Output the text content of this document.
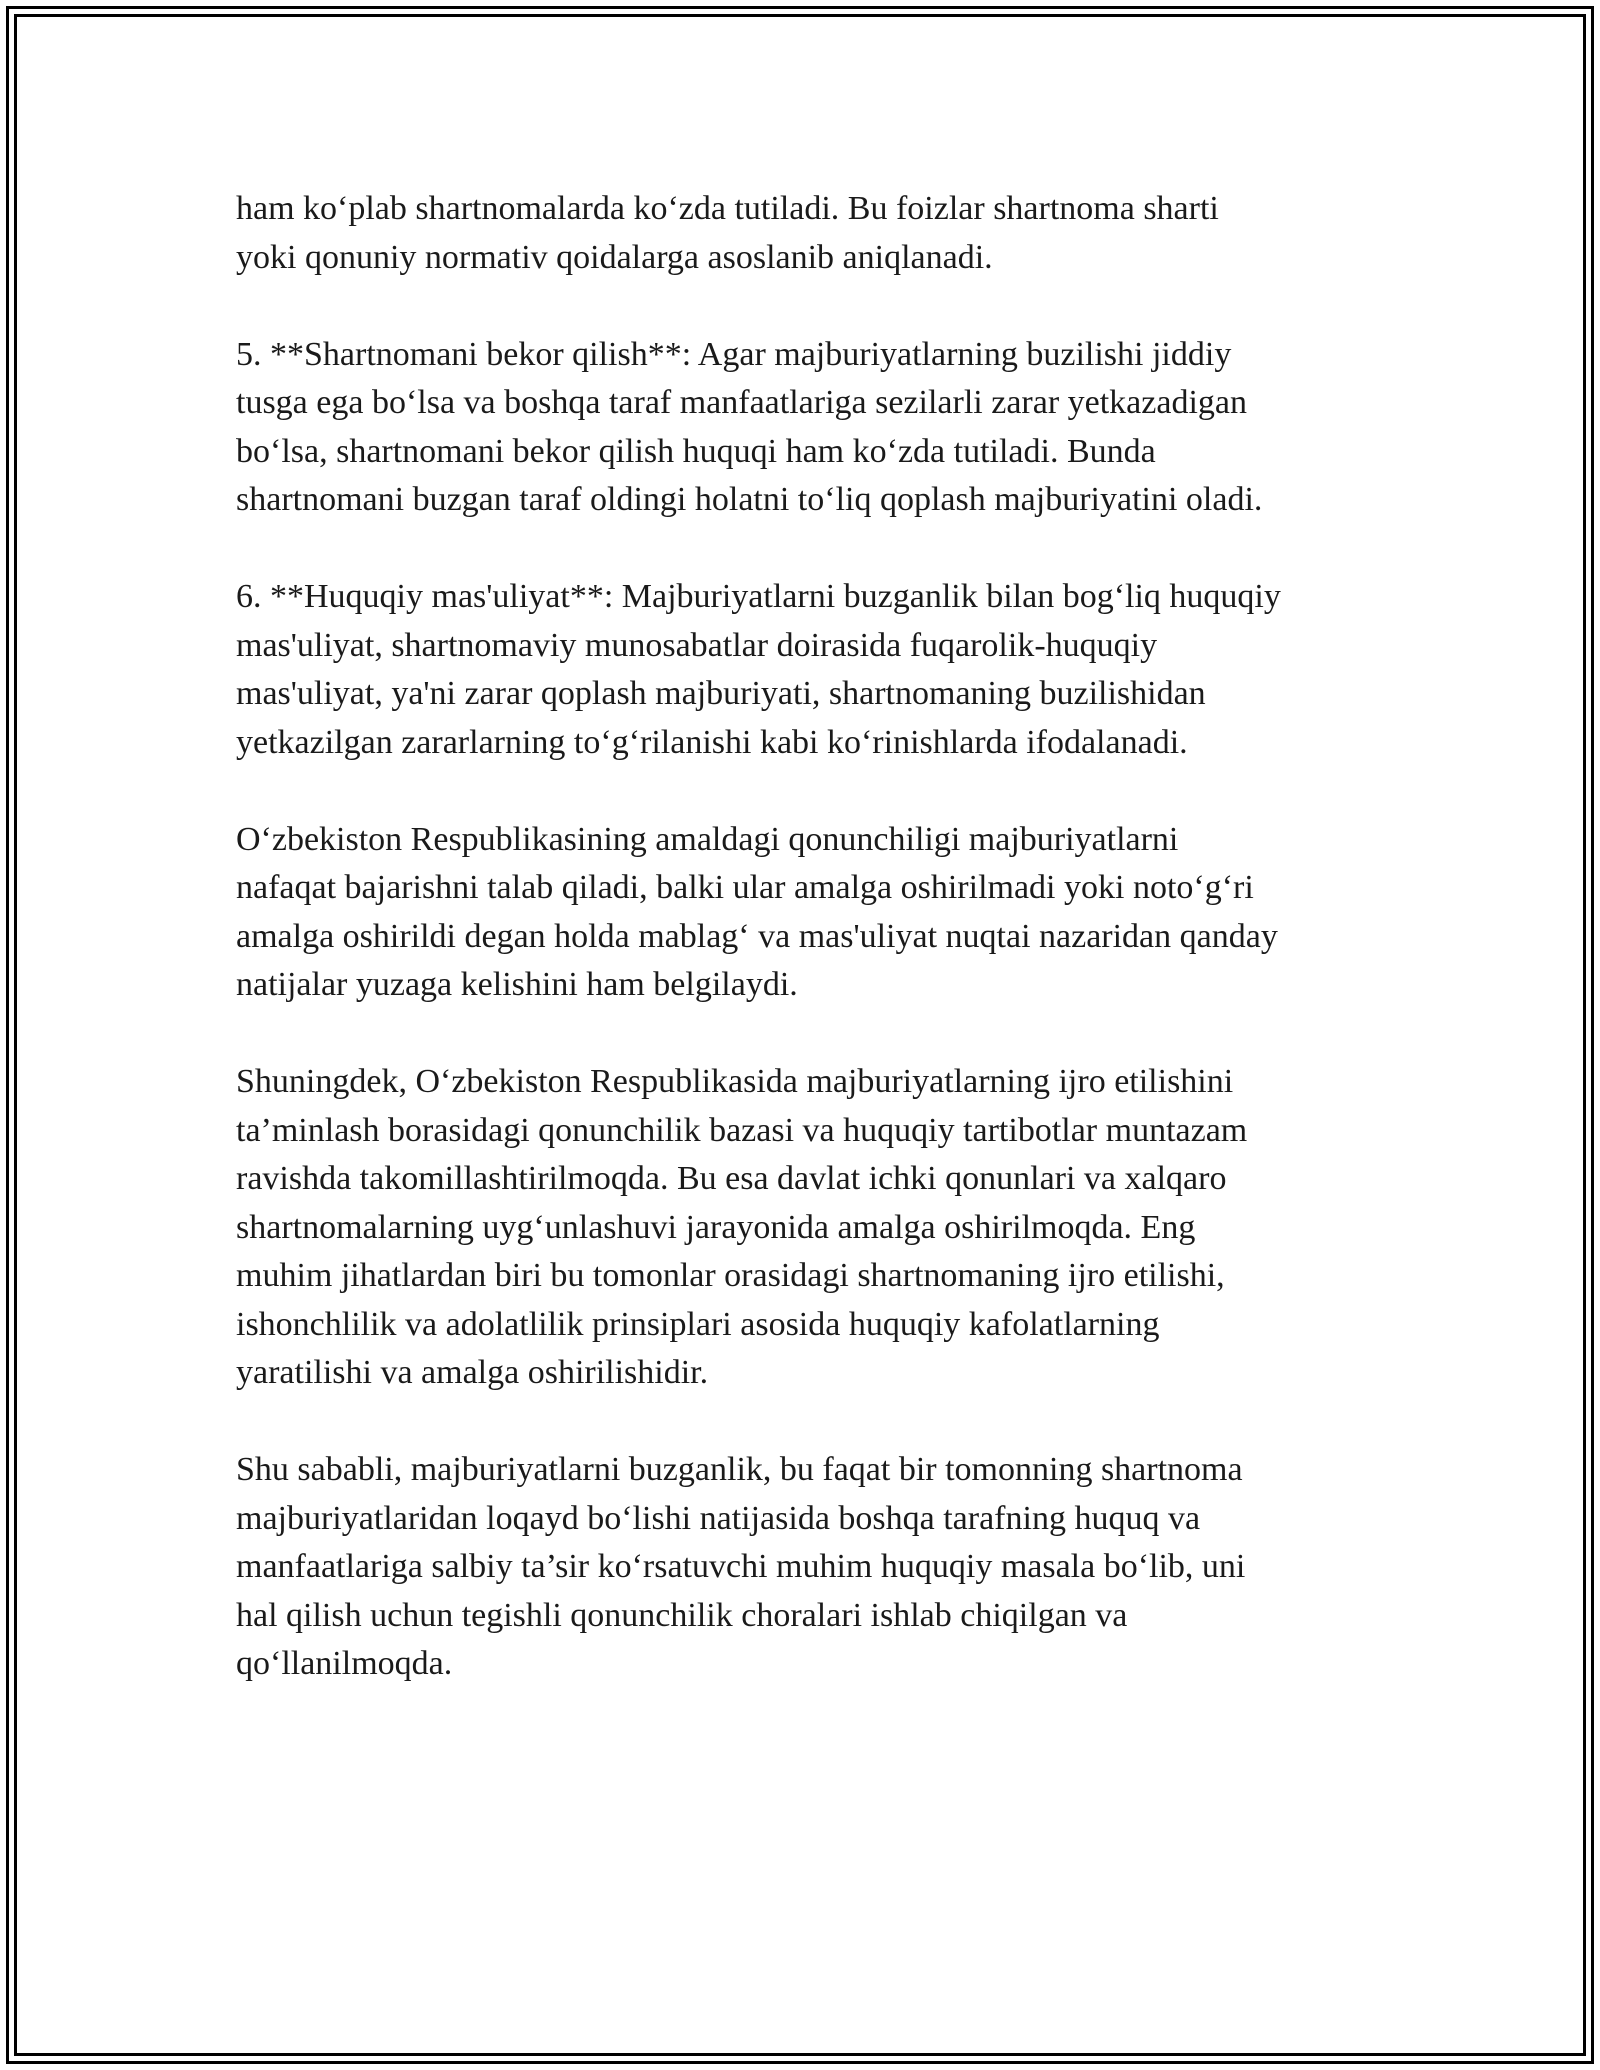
ham ko‘plab shartnomalarda ko‘zda tutiladi. Bu foizlar shartnoma sharti
yoki qonuniy normativ qoidalarga asoslanib aniqlanadi.

5. **Shartnomani bekor qilish**: Agar majburiyatlarning buzilishi jiddiy
tusga ega bo‘lsa va boshqa taraf manfaatlariga sezilarli zarar yetkazadigan
bo‘lsa, shartnomani bekor qilish huquqi ham ko‘zda tutiladi. Bunda
shartnomani buzgan taraf oldingi holatni to‘liq qoplash majburiyatini oladi.

6. **Huquqiy mas'uliyat**: Majburiyatlarni buzganlik bilan bog‘liq huquqiy
mas'uliyat, shartnomaviy munosabatlar doirasida fuqarolik-huquqiy
mas'uliyat, ya'ni zarar qoplash majburiyati, shartnomaning buzilishidan
yetkazilgan zararlarning to‘g‘rilanishi kabi ko‘rinishlarda ifodalanadi.

O‘zbekiston Respublikasining amaldagi qonunchiligi majburiyatlarni
nafaqat bajarishni talab qiladi, balki ular amalga oshirilmadi yoki noto‘g‘ri
amalga oshirildi degan holda mablag‘ va mas'uliyat nuqtai nazaridan qanday
natijalar yuzaga kelishini ham belgilaydi.

Shuningdek, O‘zbekiston Respublikasida majburiyatlarning ijro etilishini
ta’minlash borasidagi qonunchilik bazasi va huquqiy tartibotlar muntazam
ravishda takomillashtirilmoqda. Bu esa davlat ichki qonunlari va xalqaro
shartnomalarning uyg‘unlashuvi jarayonida amalga oshirilmoqda. Eng
muhim jihatlardan biri bu tomonlar orasidagi shartnomaning ijro etilishi,
ishonchlilik va adolatlilik prinsiplari asosida huquqiy kafolatlarning
yaratilishi va amalga oshirilishidir.

Shu sababli, majburiyatlarni buzganlik, bu faqat bir tomonning shartnoma
majburiyatlaridan loqayd bo‘lishi natijasida boshqa tarafning huquq va
manfaatlariga salbiy ta’sir ko‘rsatuvchi muhim huquqiy masala bo‘lib, uni
hal qilish uchun tegishli qonunchilik choralari ishlab chiqilgan va
qo‘llanilmoqda.
